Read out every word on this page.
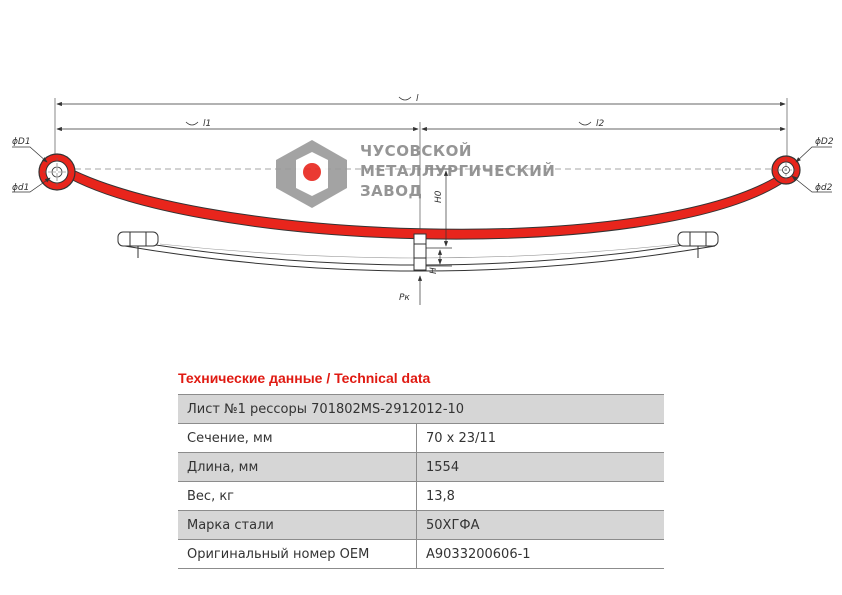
l
l1	l2
ϕD1
ϕd1
ϕD2
ϕd2
H0
H
Pк
ЧУСОВСКОЙ
МЕТАЛЛУРГИЧЕСКИЙ
ЗАВОД
Технические данные / Technical data
Лист №1 рессоры 701802MS-2912012-10	
Сечение, мм	70 x 23/11
Длина, мм	1554
Вес, кг	13,8
Марка стали	50ХГФА
Оригинальный номер OEM	A9033200606-1
